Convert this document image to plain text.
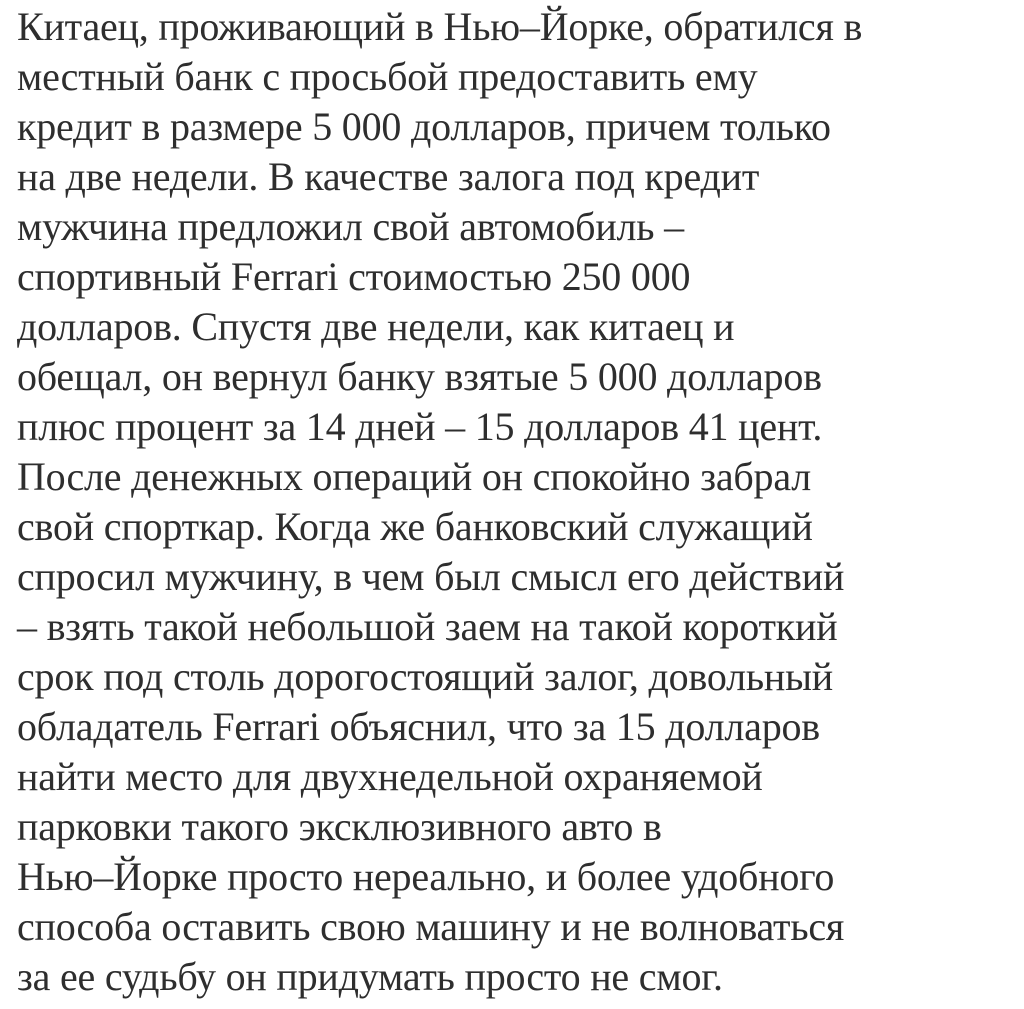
Китаец, проживающий в Нью–Йорке, обратился в
местный банк с просьбой предоставить ему
кредит в размере 5 000 долларов, причем только
на две недели. В качестве залога под кредит
мужчина предложил свой автомобиль –
спортивный Ferrari стоимостью 250 000
долларов. Спустя две недели, как китаец и
обещал, он вернул банку взятые 5 000 долларов
плюс процент за 14 дней – 15 долларов 41 цент.
После денежных операций он спокойно забрал
свой спорткар. Когда же банковский служащий
спросил мужчину, в чем был смысл его действий
– взять такой небольшой заем на такой короткий
срок под столь дорогостоящий залог, довольный
обладатель Ferrari объяснил, что за 15 долларов
найти место для двухнедельной охраняемой
парковки такого эксклюзивного авто в
Нью–Йорке просто нереально, и более удобного
способа оставить свою машину и не волноваться
за ее судьбу он придумать просто не смог.
